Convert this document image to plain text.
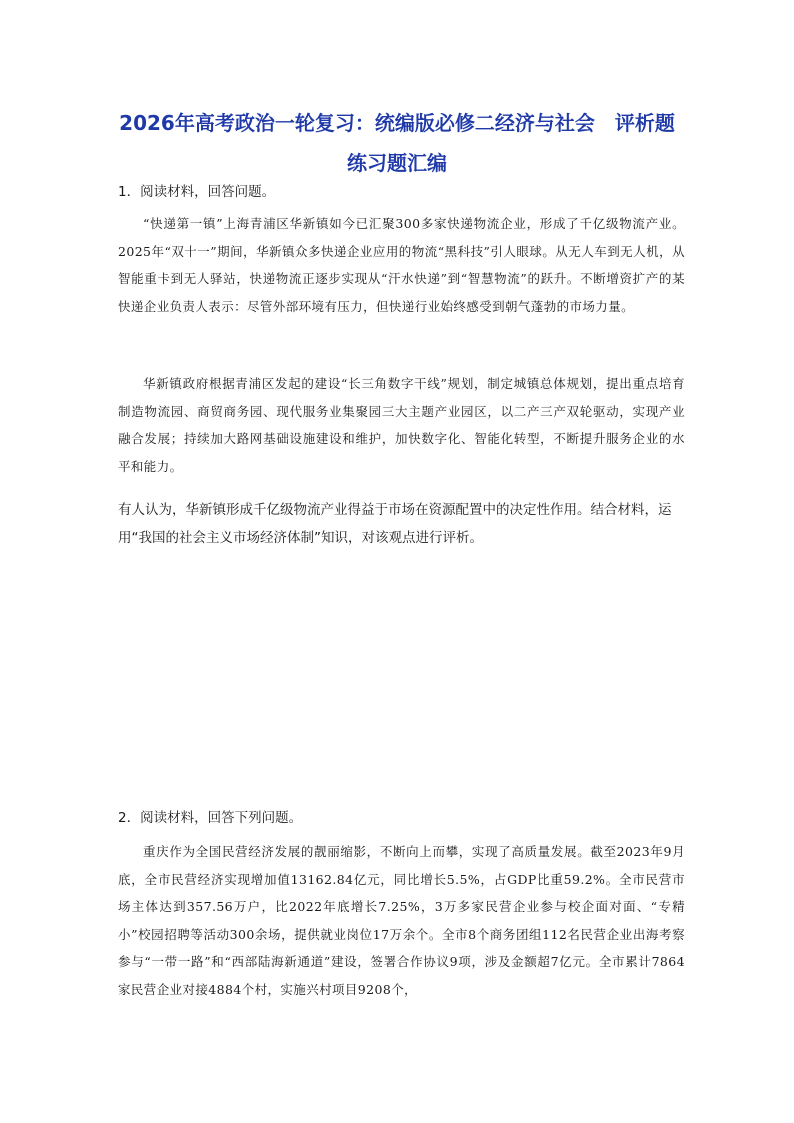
2026年高考政治一轮复习：统编版必修二经济与社会　评析题练习题汇编
1．阅读材料，回答问题。

“快递第一镇”上海青浦区华新镇如今已汇聚300多家快递物流企业，形成了千亿级物流产业。2025年“双十一”期间，华新镇众多快递企业应用的物流“黑科技”引人眼球。从无人车到无人机，从智能重卡到无人驿站，快递物流正逐步实现从“汗水快递”到“智慧物流”的跃升。不断增资扩产的某快递企业负责人表示：尽管外部环境有压力，但快递行业始终感受到朝气蓬勃的市场力量。

华新镇政府根据青浦区发起的建设“长三角数字干线”规划，制定城镇总体规划，提出重点培育制造物流园、商贸商务园、现代服务业集聚园三大主题产业园区，以二产三产双轮驱动，实现产业融合发展；持续加大路网基础设施建设和维护，加快数字化、智能化转型，不断提升服务企业的水平和能力。

有人认为，华新镇形成千亿级物流产业得益于市场在资源配置中的决定性作用。结合材料，运用“我国的社会主义市场经济体制”知识，对该观点进行评析。

2．阅读材料，回答下列问题。

重庆作为全国民营经济发展的靓丽缩影，不断向上而攀，实现了高质量发展。截至2023年9月底，全市民营经济实现增加值13162.84亿元，同比增长5.5%，占GDP比重59.2%。全市民营市场主体达到357.56万户，比2022年底增长7.25%，3万多家民营企业参与校企面对面、“专精小”校园招聘等活动300余场，提供就业岗位17万余个。全市8个商务团组112名民营企业出海考察参与“一带一路”和“西部陆海新通道”建设，签署合作协议9项，涉及金额超7亿元。全市累计7864家民营企业对接4884个村，实施兴村项目9208个，
